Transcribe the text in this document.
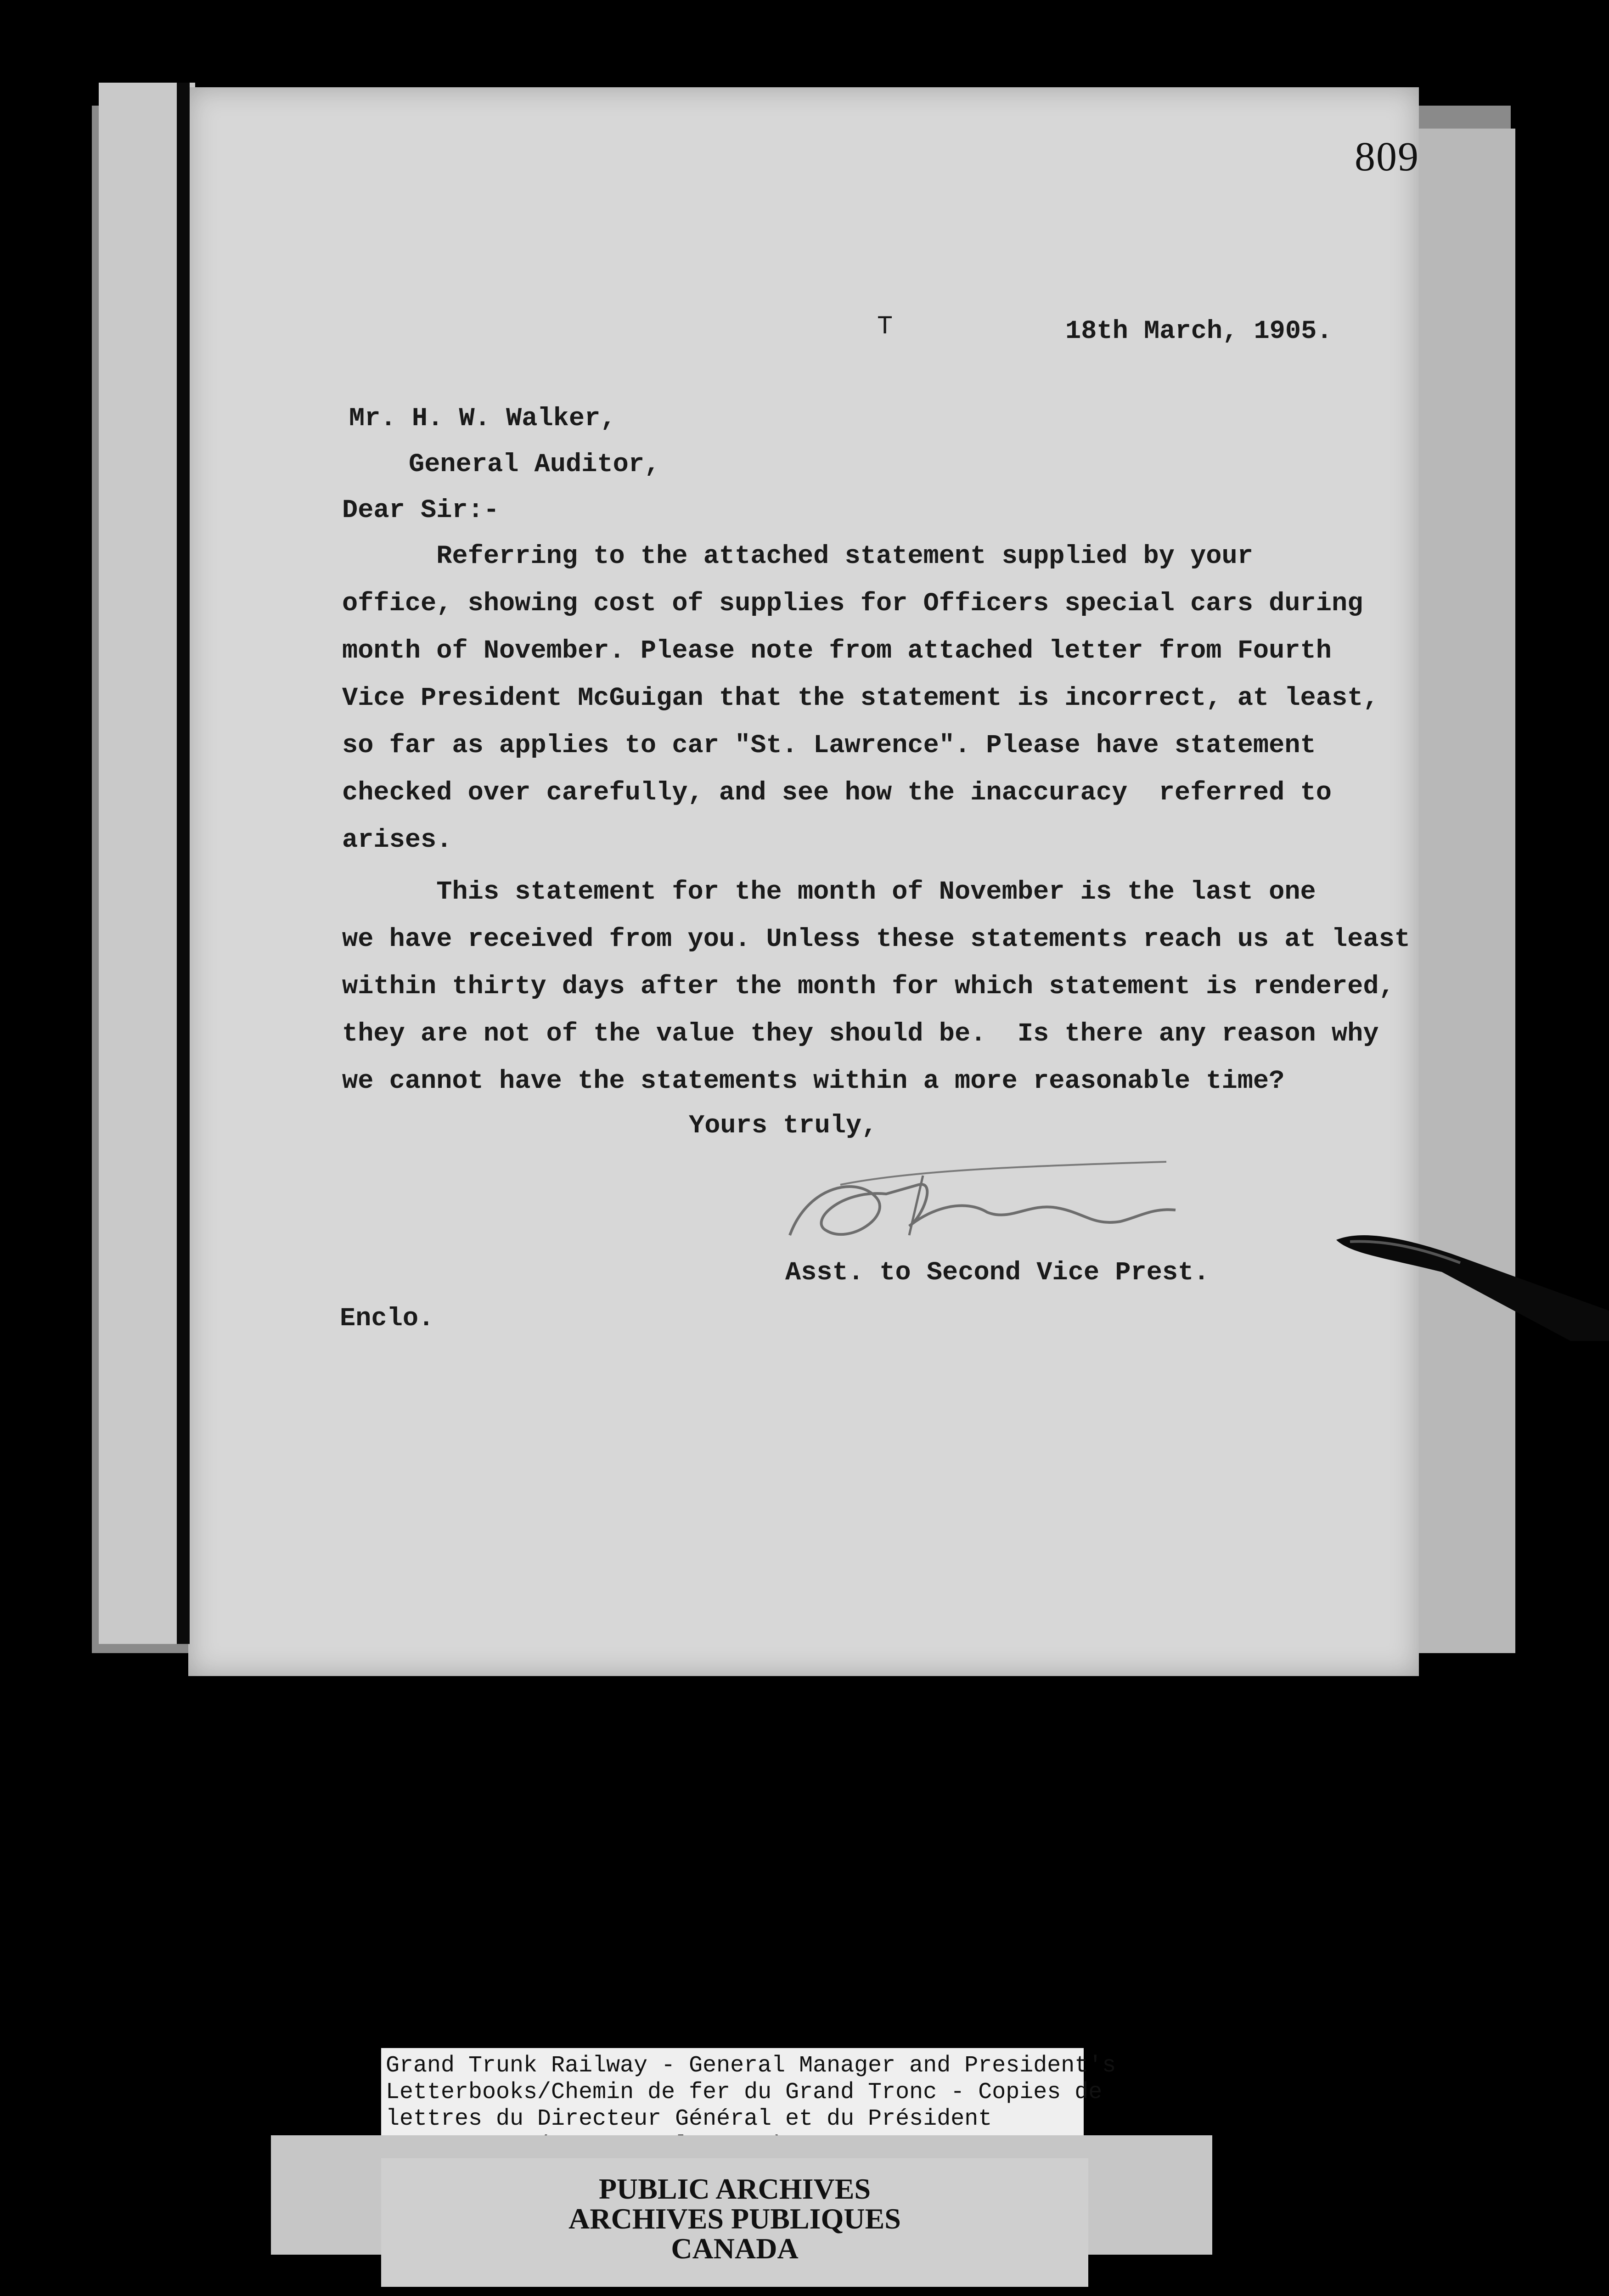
809
T	18th March, 1905.
Mr. H. W. Walker,
General Auditor,
Dear Sir:-
Referring to the attached statement supplied by your
office, showing cost of supplies for Officers special cars during
month of November. Please note from attached letter from Fourth
Vice President McGuigan that the statement is incorrect, at least,
so far as applies to car "St. Lawrence". Please have statement
checked over carefully, and see how the inaccuracy  referred to
arises.
This statement for the month of November is the last one
we have received from you. Unless these statements reach us at least
within thirty days after the month for which statement is rendered,
they are not of the value they should be.  Is there any reason why
we cannot have the statements within a more reasonable time?
Yours truly,
Asst. to Second Vice Prest.
Enclo.
Grand Trunk Railway - General Manager and President's
Letterbooks/Chemin de fer du Grand Tronc - Copies de
lettres du Directeur Général et du Président
PUBLIC ARCHIVES
ARCHIVES PUBLIQUES
CANADA
